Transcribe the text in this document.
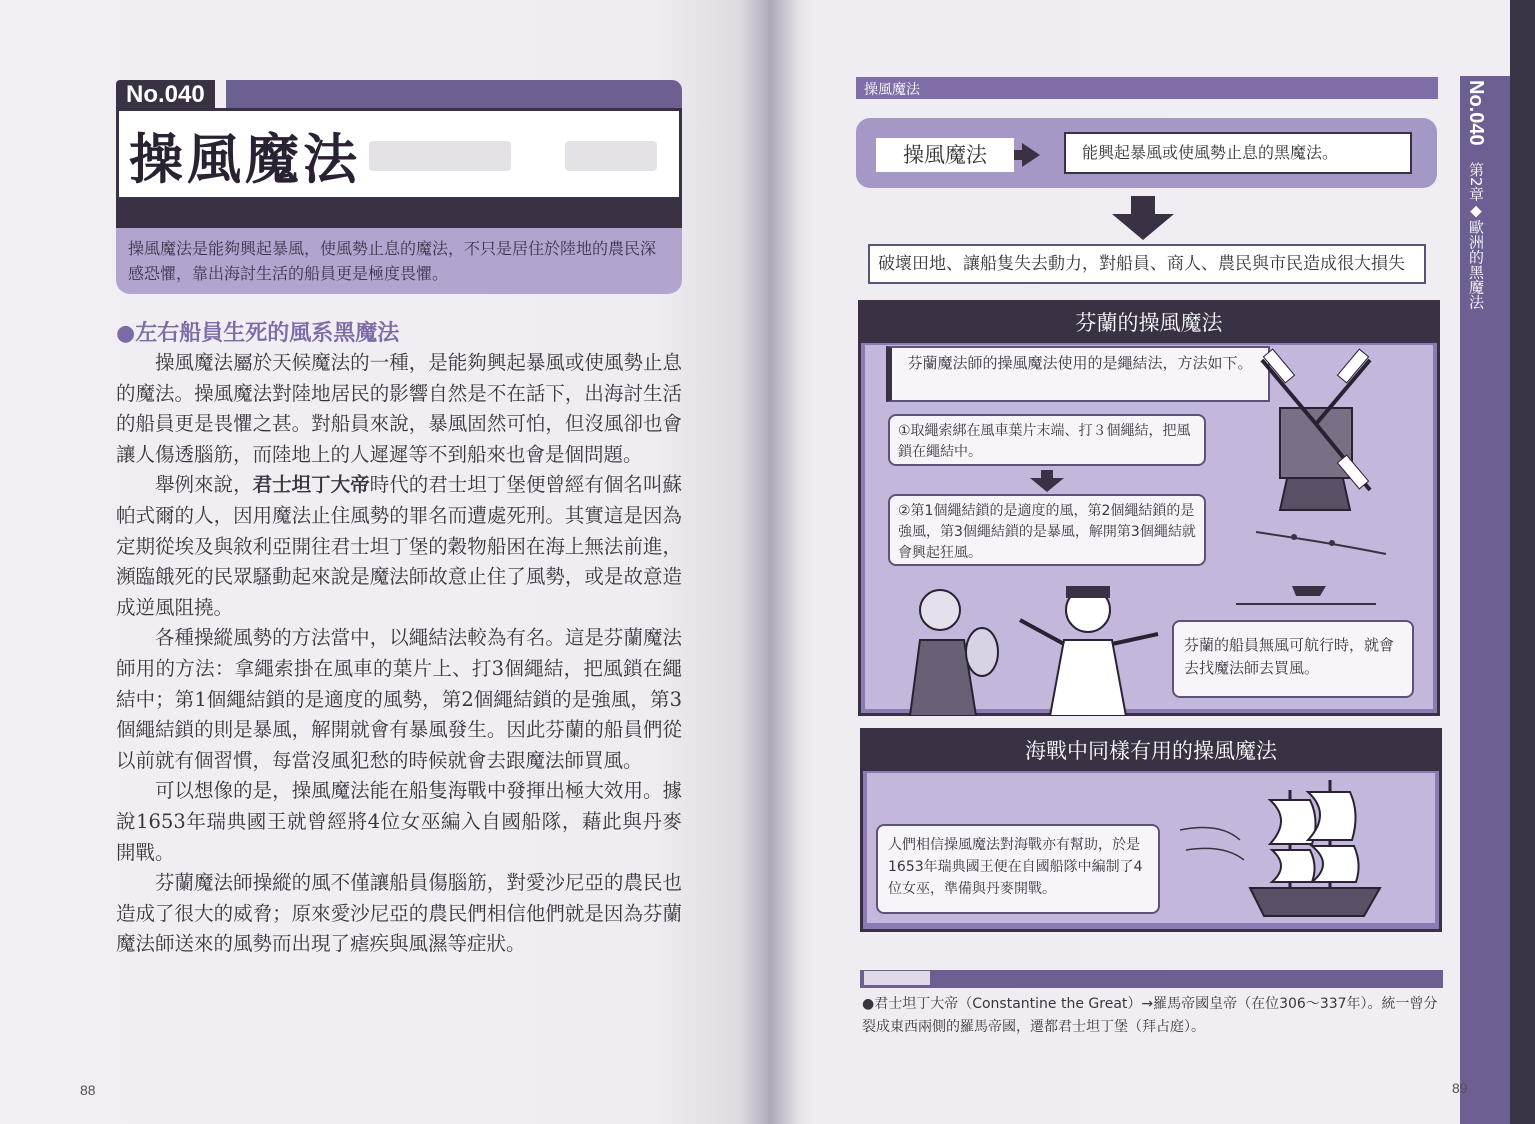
No.040
操風魔法
操風魔法是能夠興起暴風，使風勢止息的魔法，不只是居住於陸地的農民深感恐懼，靠出海討生活的船員更是極度畏懼。
●左右船員生死的風系黑魔法

操風魔法屬於天候魔法的一種，是能夠興起暴風或使風勢止息的魔法。操風魔法對陸地居民的影響自然是不在話下，出海討生活的船員更是畏懼之甚。對船員來說，暴風固然可怕，但沒風卻也會讓人傷透腦筋，而陸地上的人遲遲等不到船來也會是個問題。

舉例來說，君士坦丁大帝時代的君士坦丁堡便曾經有個名叫蘇帕式爾的人，因用魔法止住風勢的罪名而遭處死刑。其實這是因為定期從埃及與敘利亞開往君士坦丁堡的穀物船困在海上無法前進，瀕臨餓死的民眾騷動起來說是魔法師故意止住了風勢，或是故意造成逆風阻撓。

各種操縱風勢的方法當中，以繩結法較為有名。這是芬蘭魔法師用的方法：拿繩索掛在風車的葉片上、打3個繩結，把風鎖在繩結中；第1個繩結鎖的是適度的風勢，第2個繩結鎖的是強風，第3個繩結鎖的則是暴風，解開就會有暴風發生。因此芬蘭的船員們從以前就有個習慣，每當沒風犯愁的時候就會去跟魔法師買風。

可以想像的是，操風魔法能在船隻海戰中發揮出極大效用。據說1653年瑞典國王就曾經將4位女巫編入自國船隊，藉此與丹麥開戰。

芬蘭魔法師操縱的風不僅讓船員傷腦筋，對愛沙尼亞的農民也造成了很大的威脅；原來愛沙尼亞的農民們相信他們就是因為芬蘭魔法師送來的風勢而出現了瘧疾與風濕等症狀。

88
操風魔法	No.040
第2章◆歐洲的黑魔法
操風魔法	能興起暴風或使風勢止息的黑魔法。
破壞田地、讓船隻失去動力，對船員、商人、農民與市民造成很大損失
芬蘭的操風魔法
芬蘭魔法師的操風魔法使用的是繩結法，方法如下。
①取繩索綁在風車葉片末端、打３個繩結，把風鎖在繩結中。
②第1個繩結鎖的是適度的風，第2個繩結鎖的是強風，第3個繩結鎖的是暴風，解開第3個繩結就會興起狂風。
芬蘭的船員無風可航行時，就會去找魔法師去買風。
海戰中同樣有用的操風魔法
人們相信操風魔法對海戰亦有幫助，於是1653年瑞典國王便在自國船隊中編制了4位女巫，準備與丹麥開戰。
●君士坦丁大帝（Constantine the Great）→羅馬帝國皇帝（在位306～337年）。統一曾分裂成東西兩側的羅馬帝國，遷都君士坦丁堡（拜占庭）。
89
